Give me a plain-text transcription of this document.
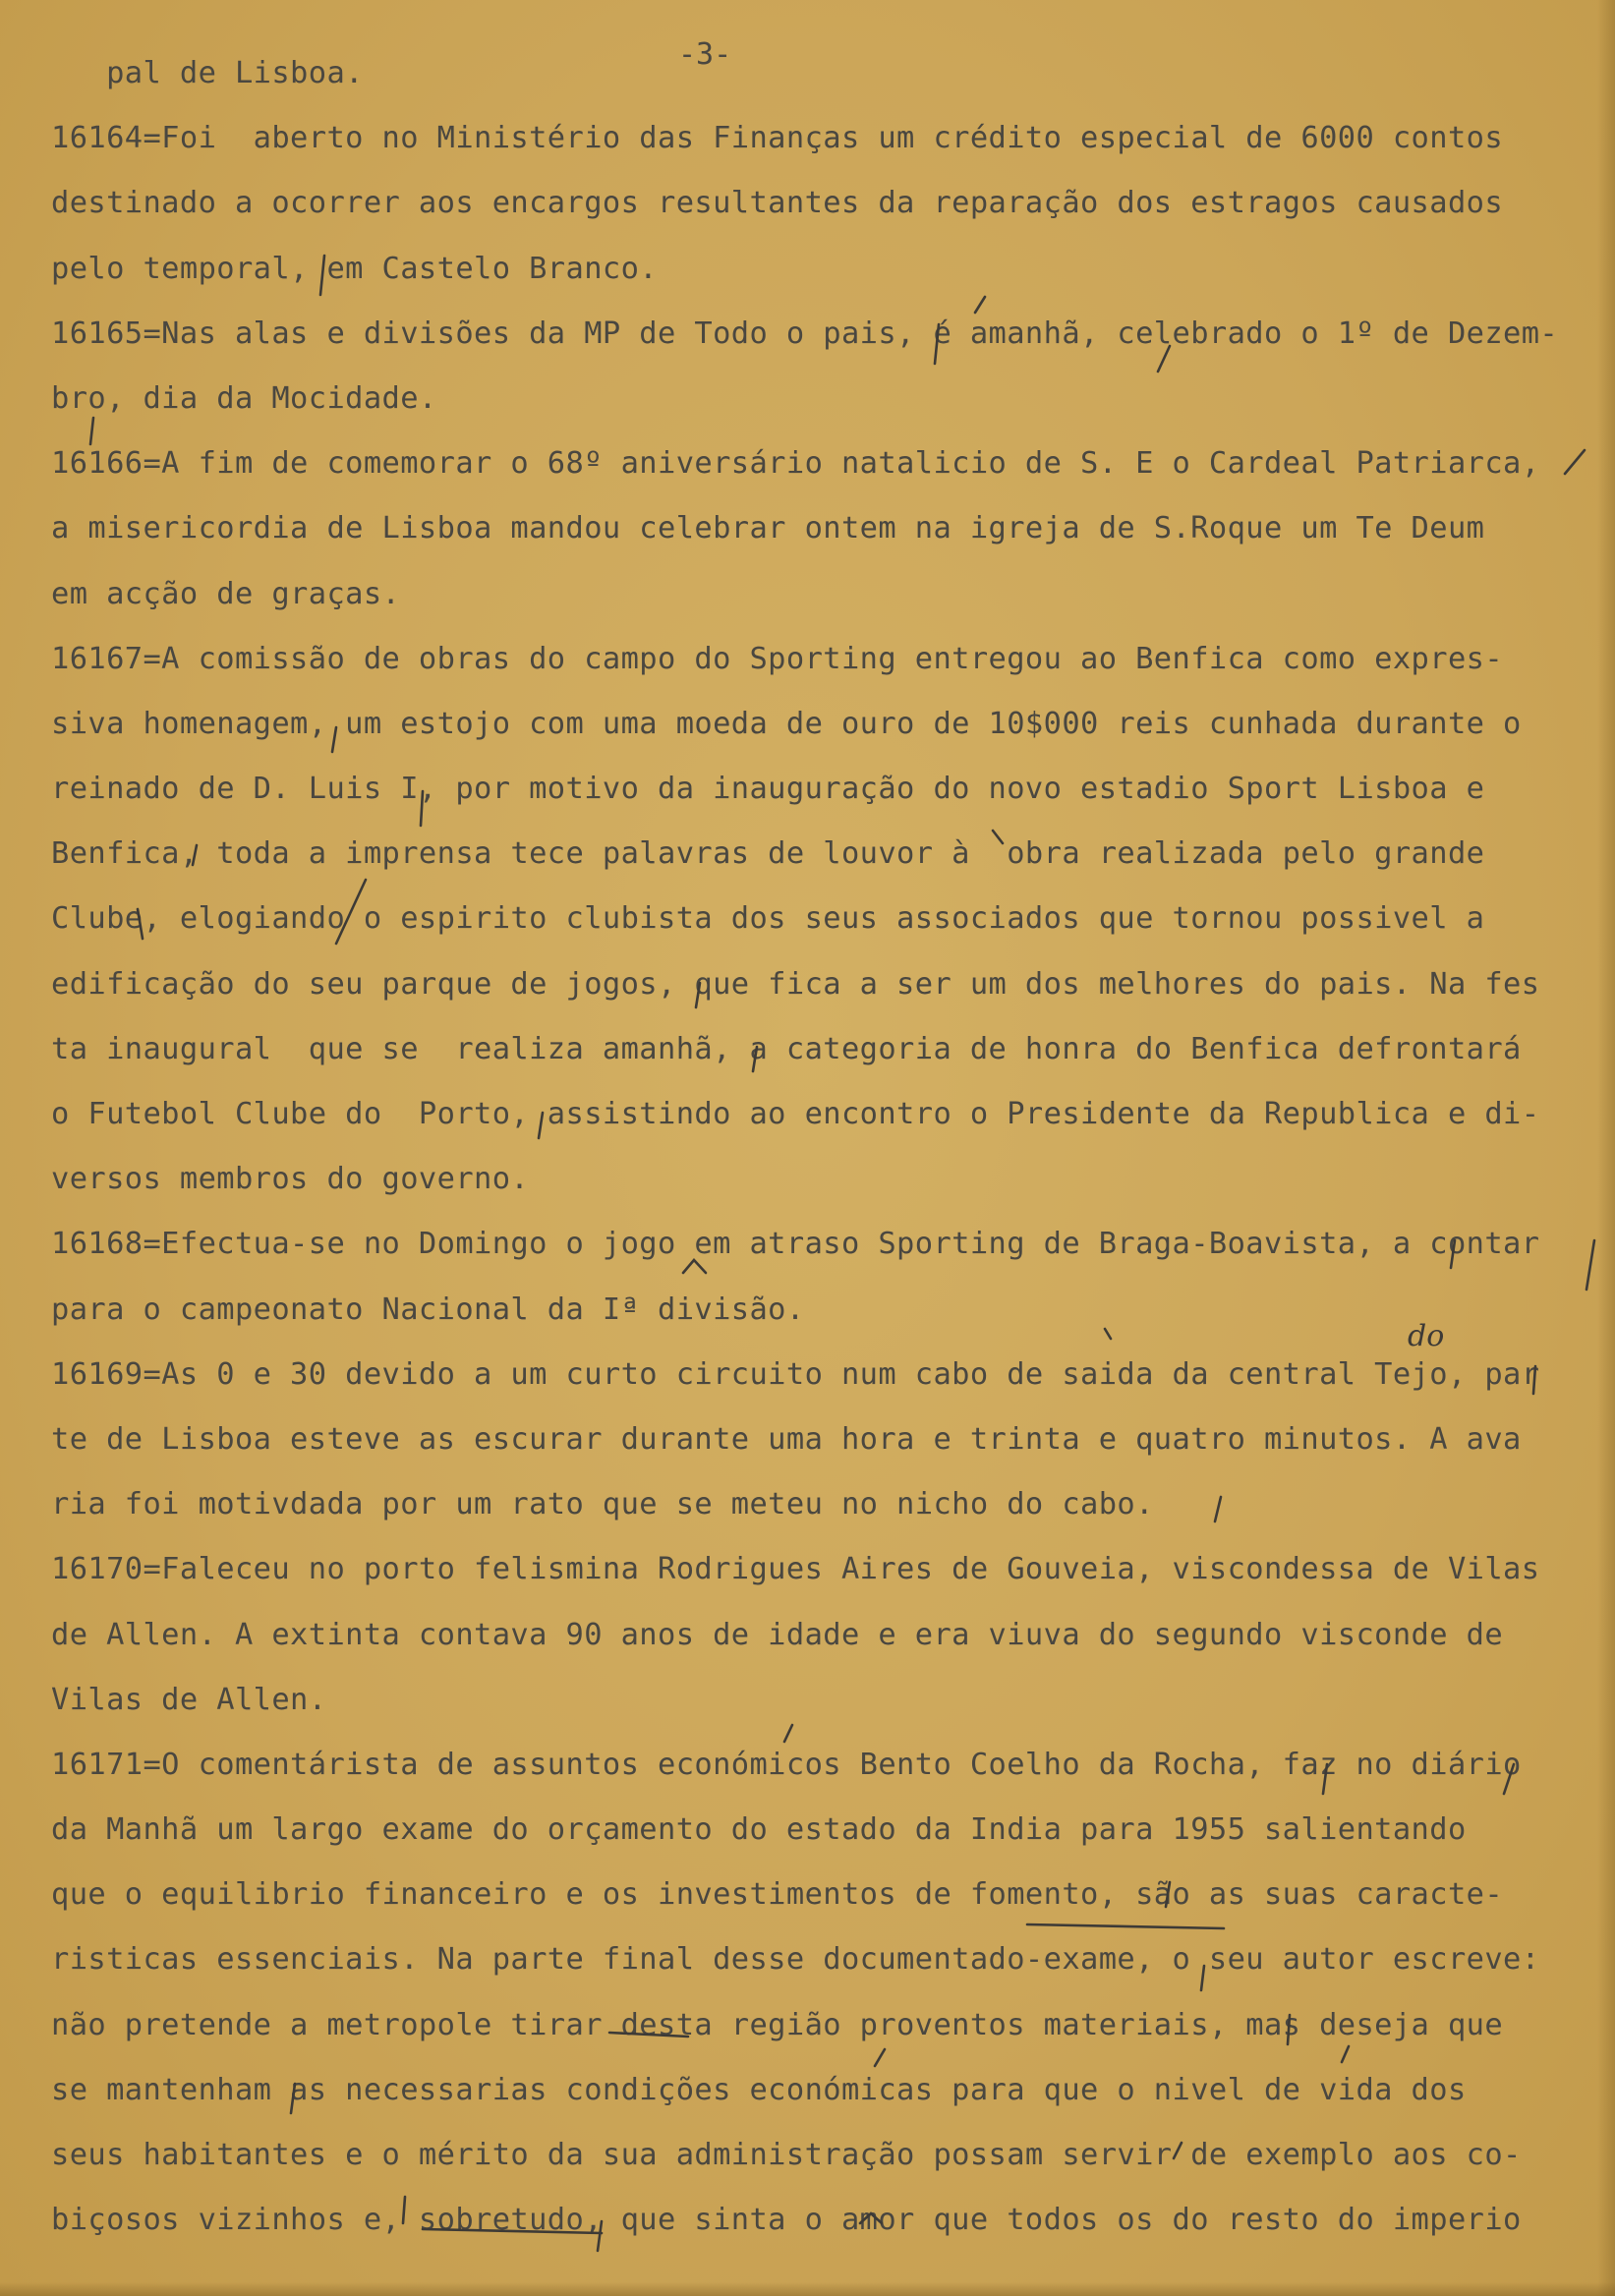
-3-
pal de Lisboa.
16164=Foi  aberto no Ministério das Finanças um crédito especial de 6000 contos
destinado a ocorrer aos encargos resultantes da reparação dos estragos causados
pelo temporal, em Castelo Branco.
16165=Nas alas e divisões da MP de Todo o pais, é amanhã, celebrado o 1º de Dezem-
bro, dia da Mocidade.
16166=A fim de comemorar o 68º aniversário natalicio de S. E o Cardeal Patriarca,
a misericordia de Lisboa mandou celebrar ontem na igreja de S.Roque um Te Deum
em acção de graças.
16167=A comissão de obras do campo do Sporting entregou ao Benfica como expres-
siva homenagem, um estojo com uma moeda de ouro de 10$000 reis cunhada durante o
reinado de D. Luis I, por motivo da inauguração do novo estadio Sport Lisboa e
Benfica, toda a imprensa tece palavras de louvor à  obra realizada pelo grande
Clube, elogiando o espirito clubista dos seus associados que tornou possivel a
edificação do seu parque de jogos, que fica a ser um dos melhores do pais. Na fes
ta inaugural  que se  realiza amanhã, a categoria de honra do Benfica defrontará
o Futebol Clube do  Porto, assistindo ao encontro o Presidente da Republica e di-
versos membros do governo.
16168=Efectua-se no Domingo o jogo em atraso Sporting de Braga-Boavista, a contar
para o campeonato Nacional da Iª divisão.
16169=As 0 e 30 devido a um curto circuito num cabo de saida da central Tejo, par
te de Lisboa esteve as escurar durante uma hora e trinta e quatro minutos. A ava
ria foi motivdada por um rato que se meteu no nicho do cabo.
16170=Faleceu no porto felismina Rodrigues Aires de Gouveia, viscondessa de Vilas
de Allen. A extinta contava 90 anos de idade e era viuva do segundo visconde de
Vilas de Allen.
16171=O comentárista de assuntos económicos Bento Coelho da Rocha, faz no diário
da Manhã um largo exame do orçamento do estado da India para 1955 salientando
que o equilibrio financeiro e os investimentos de fomento, são as suas caracte-
risticas essenciais. Na parte final desse documentado-exame, o seu autor escreve:
não pretende a metropole tirar desta região proventos materiais, mas deseja que
se mantenham as necessarias condições económicas para que o nivel de vida dos
seus habitantes e o mérito da sua administração possam servir de exemplo aos co-
biçosos vizinhos e, sobretudo, que sinta o amor que todos os do resto do imperio
do
